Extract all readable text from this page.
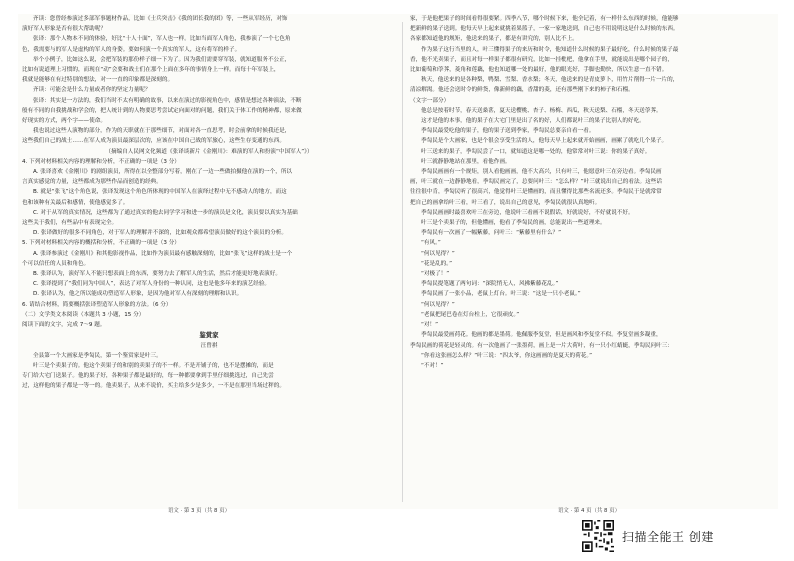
齐读：您曾经参演过多部军事题材作品，比如《士兵突击》《我的团长我的团》等，一些从军经历，对饰

演好军人形象是否有很大帮助呢？

张译：那个人物本不同的体验，好比“十人十面”，军人也一样。比如当面军人角色，我参演了一个七色角

色，我需要与的军人是虚构的军人的身姿。要如何演一个真实的军人，这有将军的样子。

举个小例子，比如这么说，会把军装的那份样子细一下为了。因为我们需要穿军装，就知道服务不公正，

比如有说道理上习惯的，而现在“动”会要和战士们在那个上面在多年的事情身上一样。而每十年军装上，

我就是能够在有过特别的想法，对一一直的印象都是深刻的。

齐读：可能会是什么力量或者你的坚定力量呢？

张译：其实是一方法的，我们当时不太有明确的故事，以来在演过的影视角色中，感情是想过各种演法，不断

般有不同的自我挑战和学会的，把人统计到的人物要思考尝试定向面对的问题，我们关于体工作的精神都，原来做

好现实的方式，两个字——使命。

我也说过这些人演物的部分，作为的天职就在于那些细节，对面对各一直思考，时会前拿的时候我还是，

这些我们自己的战士……在军人成为演员最深层次的，应该在中国自己战的军旅心，这些生存变通的东西。

（摘编自人民网文化频道《张译谈新片《金刚川》：难演的军人和扮演“中国军人”》）

4. 下列对材料相关内容的理解和分析，不正确的一项是（3 分）

A. 张译喜欢《金刚川》的剧组演员，所得在以全整部分写着，刚在了一边一些做拍摄他在演的一个，所以

言真实感觉的力量，这些都成为那些作品而创造的经典。

B. 就是“张飞”这个角色说，张译发现这个角色所体现的中国军人在演绎过程中无不感动人的地方，而这

也和该种有关最后和感情，使他感觉多了。

C. 对于从军的真实情况，这些都为了通过真实的他去同学学习和进一步的演员是文化，演员要以真实为基础

这些关于我们，有些品中有表现完全。

D. 张译做好的很多不同角色，对于军人的理解并不深的，比如观众都希望演员做好的这个演员的分析。

5. 下列对材料相关内容的概括和分析，不正确的一项是（3 分）

A. 张译参演过《金刚川》和其他影视作品，比如作为演员最有感触深刻的，比如“张飞”这样的战士是一个

个可以信任的人员和角色。

B. 张译认为，演好军人不能只想表面上的东西，要努力去了解军人的生活，然后才能更好地表演好。

C. 张译提到了“我们同为中国人”，表达了对军人身份的一种认同，这也是他多年来的演艺经验。

D. 张译认为，他之所以能成功塑造军人形象，是因为他对军人有深刻的理解和认识。

6. 请结合材料，简要概括张译塑造军人形象的方法。（6 分）

（二）文学类文本阅读（本题共 3 小题，15 分）

阅读下面的文字，完成 7～9 题。

鉴赏家

汪曾祺

全县第一个大画家是季匋民，第一个鉴赏家是叶三。

叶三是个卖果子的。他这个卖果子的和别的卖果子的不一样。不是开铺子的，也不是摆摊的，而是

专门给大宅门送果子。他的果子好，各种果子都是最好的，每一种都要拿到手里仔细挑选过，自己先尝

过，这样他的果子都是一等一的。他卖果子，从来不说价，买主给多少是多少，一不是在那里当场过秤的。

家，于是他把果子的时间看得很要紧。四季八节，哪个时候下来，他全记着，有一样什么东西的时候，他能够

把新鲜的果子送到。他每天早上起来就挑着果篮子，一家一家地送到，自己也不用说明这是什么时候的东西。

各家都知道他的规矩，他送来的果子，都是有讲究的，别人比不上。

作为果子这行当里的人，叶三懂得果子的来历和时令，他知道什么时候的果子最好吃，什么时候的果子最

香，他不光卖果子，而且对每一样果子都很有研究，比如一挂枇杷，他拿在手里，就能说出是哪个园子的，

比如葡萄和荸荠，菱角和莲藕，他也知道哪一处的最好，他的眼光好，手脚也勤快，所以生意一直不错。

秋天，他送来的是各种梨，鸭梨、雪梨、香水梨；冬天，他送来的是青皮萝卜，用竹片削得一片一片的，

清凉解渴。他还会送时令的鲜货，像新鲜的藕，香甜的菱，还有那些刚下来的柿子和石榴。

（文字一部分）

他总是按着时节，春天送桑葚，夏天送樱桃、杏子、杨梅、西瓜，秋天送梨、石榴，冬天送荸荠。

这才是他的本事，他的果子在大宅门里是出了名的好，人们都说叶三的果子比别人的好吃。

季匋民最爱吃他的果子，他的果子送到季家，季匋民总要亲自看一看。

季匋民是个大画家，也是个很会享受生活的人，他每天早上起来就开始画画，画累了就吃几个果子。

叶三送来的果子，季匋民尝了一口，就知道这是哪一处的，他常常对叶三说：你的果子真好。

叶三就静静地站在那里，看他作画。

季匋民画画有一个规矩，别人看他画画，他不大高兴，只有叶三，他愿意叶三在旁边看。季匋民画

画，叶三就在一边静静地看，季匋民画完了，总要问叶三：“怎么样？”叶三就说出自己的看法。这些话

往往很中肯，季匋民听了很高兴，他觉得叶三是懂画的，而且懂得比那些名流还多。季匋民于是就常常

把自己的画拿给叶三看，叶三看了，说出自己的意见，季匋民就很认真地听。

季匋民画画时最喜欢叶三在旁边，他说叶三看画不说假话，好就说好，不好就说不好。

叶三是个卖果子的，但他懂画，他看了季匋民的画，总能说出一些道理来。

季匋民有一次画了一幅紫藤，问叶三：“紫藤里有什么？”

“有风。”

“何以见得？”

“花是乱的。”

“对极了！”

季匋民提笔题了两句词：“深院悄无人，风拂紫藤花乱。”

季匋民画了一张小品，老鼠上灯台。叶三说：“这是一只小老鼠。”

“何以见得？”

“老鼠把尾巴卷在灯台柱上，它很顽皮。”

“对！”

季匋民最爱画荷花。他画的都是墨荷。他佩服李复堂，但是画风和李复堂不似。李复堂画多凝重，

季匋民画的荷花是轻灵的。有一次他画了一张墨荷，画上是一片大荷叶，有一只小红蜻蜓，季匋民问叶三：

“你看这张画怎么样？”叶三说：“四太爷，你这画画的是夏天的荷花。”

“不对！”

语文 · 第 3 页（共 8 页）	语文 · 第 4 页（共 8 页）
扫描全能王 创建
